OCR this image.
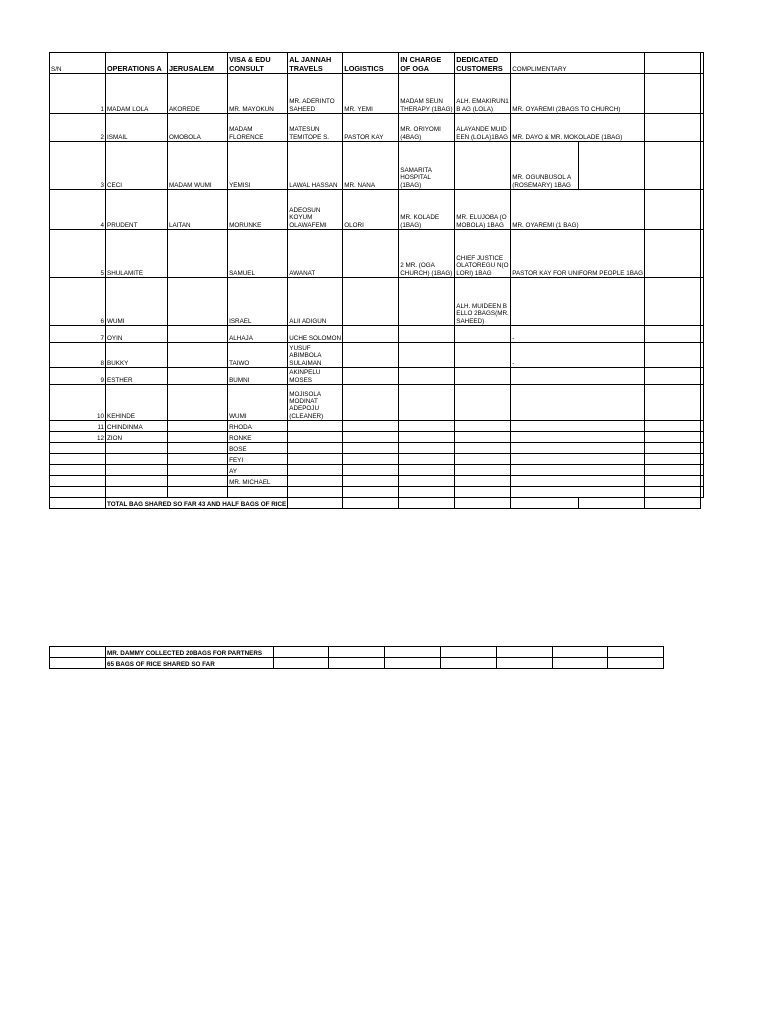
S/N	OPERATIONS A	JERUSALEM	VISA & EDU CONSULT	AL JANNAH TRAVELS	LOGISTICS	IN CHARGE OF OGA	DEDICATED CUSTOMERS	COMPLIMENTARY			
1	MADAM LOLA	AKOREDE	MR. MAYOKUN	MR. ADERINTO SAHEED	MR. YEMI	MADAM SEUN THERAPY (1BAG)	ALH. EMAKIRUN1B AG (LOLA)	MR. OYAREMI (2BAGS TO CHURCH)			
2	ISMAIL	OMOBOLA	MADAM FLORENCE	MATESUN TEMITOPE S.	PASTOR KAY	MR. ORIYOMI (4BAG)	ALAYANDE MUIDEEN (LOLA)1BAG	MR. DAYO & MR. MOKOLADE (1BAG)			
3	CECI	MADAM WUMI	YEMISI	LAWAL HASSAN	MR. NANA	SAMARITA HOSPITAL (1BAG)		MR. OGUNBUSOL A (ROSEMARY) 1BAG			
4	PRUDENT	LAITAN	MORUNKE	ADEOSUN KOYUM OLAWAFEMI	OLORI	MR. KOLADE (1BAG)	MR. ELUJOBA (OMOBOLA) 1BAG	MR. OYAREMI (1 BAG)			
5	SHULAMITE		SAMUEL	AWANAT		2 MR. (OGA CHURCH) (1BAG)	CHIEF JUSTICE OLATOREGU N(OLORI) 1BAG	PASTOR KAY FOR UNIFORM PEOPLE 1BAG			
6	WUMI		ISRAEL	ALII ADIGUN			ALH. MUIDEEN BELLO 2BAGS(MR. SAHEED)				
7	OYIN		ALHAJA	UCHE SOLOMON				-			
8	BUKKY		TAIWO	YUSUF ABIMBOLA SULAIMAN				-			
9	ESTHER		BUMNI	AKINPELU MOSES							
10	KEHINDE		WUMI	MOJISOLA MODINAT ADEPOJU (CLEANER)							
11	CHINDINMA		RHODA								
12	ZION		RONKE								
			BOSE								
			FEYI								
			AY								
			MR. MICHAEL								

	TOTAL BAG SHARED SO FAR 43 AND HALF BAGS OF RICE										
	MR. DAMMY COLLECTED 20BAGS FOR PARTNERS							
	65 BAGS OF RICE SHARED SO FAR							
